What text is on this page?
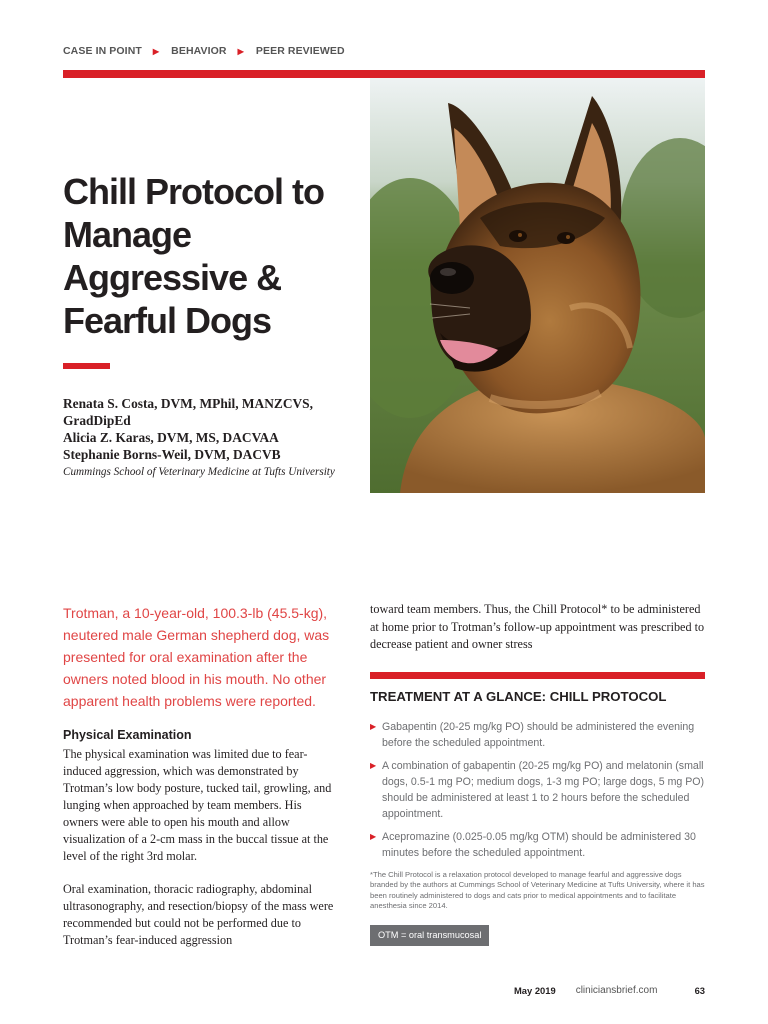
CASE IN POINT ▶ BEHAVIOR ▶ PEER REVIEWED
Chill Protocol to Manage Aggressive & Fearful Dogs
Renata S. Costa, DVM, MPhil, MANZCVS, GradDipEd
Alicia Z. Karas, DVM, MS, DACVAA
Stephanie Borns-Weil, DVM, DACVB
Cummings School of Veterinary Medicine at Tufts University

Trotman, a 10-year-old, 100.3-lb (45.5-kg), neutered male German shepherd dog, was presented for oral examination after the owners noted blood in his mouth. No other apparent health problems were reported.

Physical Examination

The physical examination was limited due to fear-induced aggression, which was demonstrated by Trotman’s low body posture, tucked tail, growling, and lunging when approached by team members. His owners were able to open his mouth and allow visualization of a 2-cm mass in the buccal tissue at the level of the right 3rd molar.

Oral examination, thoracic radiography, abdominal ultrasonography, and resection/biopsy of the mass were recommended but could not be performed due to Trotman’s fear-induced aggression

toward team members. Thus, the Chill Protocol* to be administered at home prior to Trotman’s follow-up appointment was prescribed to decrease patient and owner stress

TREATMENT AT A GLANCE: CHILL PROTOCOL
▶ Gabapentin (20-25 mg/kg PO) should be administered the evening before the scheduled appointment.
▶ A combination of gabapentin (20-25 mg/kg PO) and melatonin (small dogs, 0.5-1 mg PO; medium dogs, 1-3 mg PO; large dogs, 5 mg PO) should be administered at least 1 to 2 hours before the scheduled appointment.
▶ Acepromazine (0.025-0.05 mg/kg OTM) should be administered 30 minutes before the scheduled appointment.

*The Chill Protocol is a relaxation protocol developed to manage fearful and aggressive dogs branded by the authors at Cummings School of Veterinary Medicine at Tufts University, where it has been routinely administered to dogs and cats prior to medical appointments and to facilitate anesthesia since 2014.

OTM = oral transmucosal
May 2019 cliniciansbrief.com	63
